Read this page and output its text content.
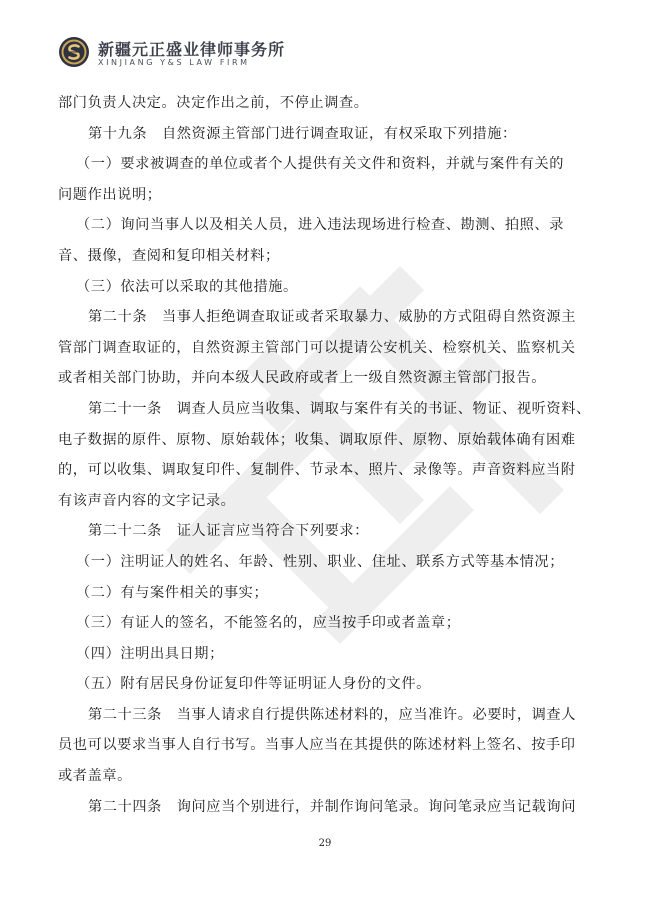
新疆元正盛业律师事务所
XINJIANG Y&S LAW FIRM
部门负责人决定。决定作出之前，不停止调查。
第十九条　自然资源主管部门进行调查取证，有权采取下列措施：
（一）要求被调查的单位或者个人提供有关文件和资料，并就与案件有关的
问题作出说明；
（二）询问当事人以及相关人员，进入违法现场进行检查、勘测、拍照、录
音、摄像，查阅和复印相关材料；
（三）依法可以采取的其他措施。
第二十条　当事人拒绝调查取证或者采取暴力、威胁的方式阻碍自然资源主
管部门调查取证的，自然资源主管部门可以提请公安机关、检察机关、监察机关
或者相关部门协助，并向本级人民政府或者上一级自然资源主管部门报告。
第二十一条　调查人员应当收集、调取与案件有关的书证、物证、视听资料、
电子数据的原件、原物、原始载体；收集、调取原件、原物、原始载体确有困难
的，可以收集、调取复印件、复制件、节录本、照片、录像等。声音资料应当附
有该声音内容的文字记录。
第二十二条　证人证言应当符合下列要求：
（一）注明证人的姓名、年龄、性别、职业、住址、联系方式等基本情况；
（二）有与案件相关的事实；
（三）有证人的签名，不能签名的，应当按手印或者盖章；
（四）注明出具日期；
（五）附有居民身份证复印件等证明证人身份的文件。
第二十三条　当事人请求自行提供陈述材料的，应当准许。必要时，调查人
员也可以要求当事人自行书写。当事人应当在其提供的陈述材料上签名、按手印
或者盖章。
第二十四条　询问应当个别进行，并制作询问笔录。询问笔录应当记载询问
29
